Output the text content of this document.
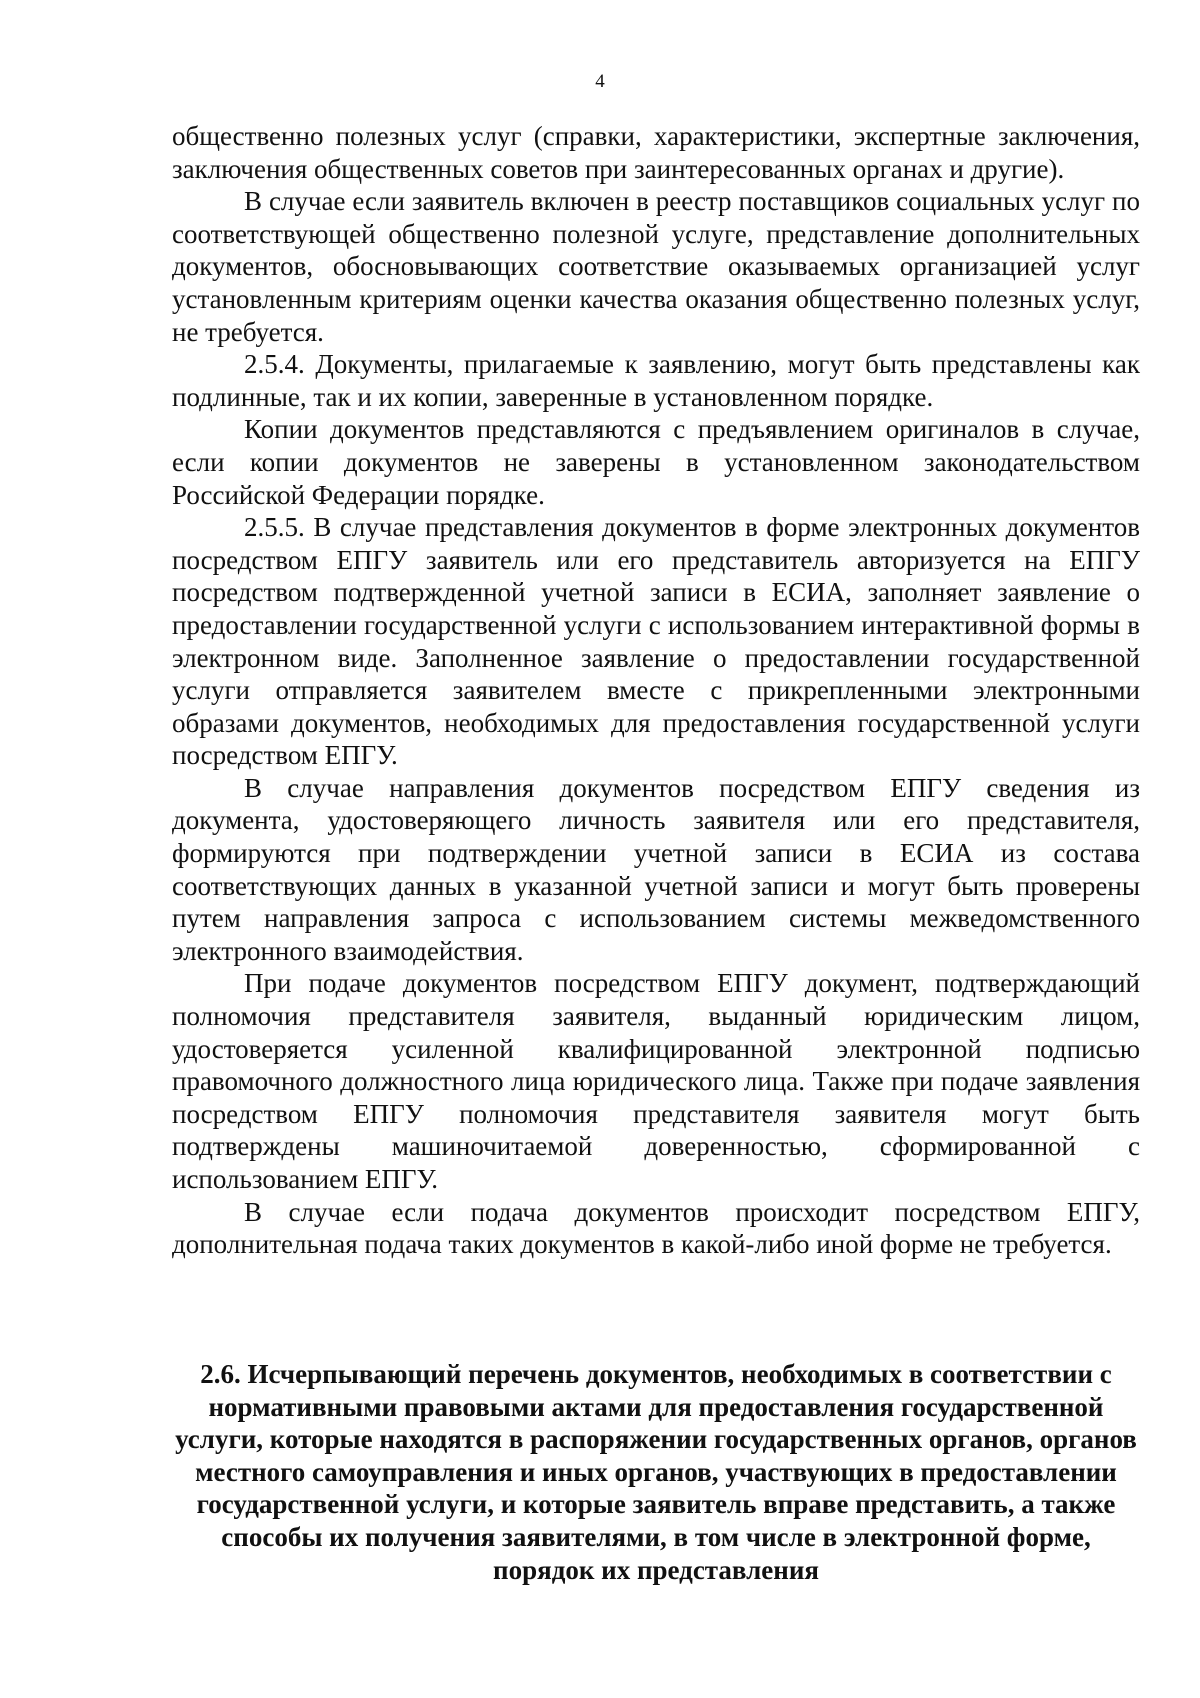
4

общественно полезных услуг (справки, характеристики, экспертные заключения, заключения общественных советов при заинтересованных органах и другие).

В случае если заявитель включен в реестр поставщиков социальных услуг по соответствующей общественно полезной услуге, представление дополнительных документов, обосновывающих соответствие оказываемых организацией услуг установленным критериям оценки качества оказания общественно полезных услуг, не требуется.

2.5.4. Документы, прилагаемые к заявлению, могут быть представлены как подлинные, так и их копии, заверенные в установленном порядке.

Копии документов представляются с предъявлением оригиналов в случае, если копии документов не заверены в установленном законодательством Российской Федерации порядке.

2.5.5. В случае представления документов в форме электронных документов посредством ЕПГУ заявитель или его представитель авторизуется на ЕПГУ посредством подтвержденной учетной записи в ЕСИА, заполняет заявление о предоставлении государственной услуги с использованием интерактивной формы в электронном виде. Заполненное заявление о предоставлении государственной услуги отправляется заявителем вместе с прикрепленными электронными образами документов, необходимых для предоставления государственной услуги посредством ЕПГУ.

В случае направления документов посредством ЕПГУ сведения из документа, удостоверяющего личность заявителя или его представителя, формируются при подтверждении учетной записи в ЕСИА из состава соответствующих данных в указанной учетной записи и могут быть проверены путем направления запроса с использованием системы межведомственного электронного взаимодействия.

При подаче документов посредством ЕПГУ документ, подтверждающий полномочия представителя заявителя, выданный юридическим лицом, удостоверяется усиленной квалифицированной электронной подписью правомочного должностного лица юридического лица. Также при подаче заявления посредством ЕПГУ полномочия представителя заявителя могут быть подтверждены машиночитаемой доверенностью, сформированной с использованием ЕПГУ.

В случае если подача документов происходит посредством ЕПГУ, дополнительная подача таких документов в какой-либо иной форме не требуется.

2.6. Исчерпывающий перечень документов, необходимых в соответствии с нормативными правовыми актами для предоставления государственной услуги, которые находятся в распоряжении государственных органов, органов местного самоуправления и иных органов, участвующих в предоставлении государственной услуги, и которые заявитель вправе представить, а также способы их получения заявителями, в том числе в электронной форме, порядок их представления
